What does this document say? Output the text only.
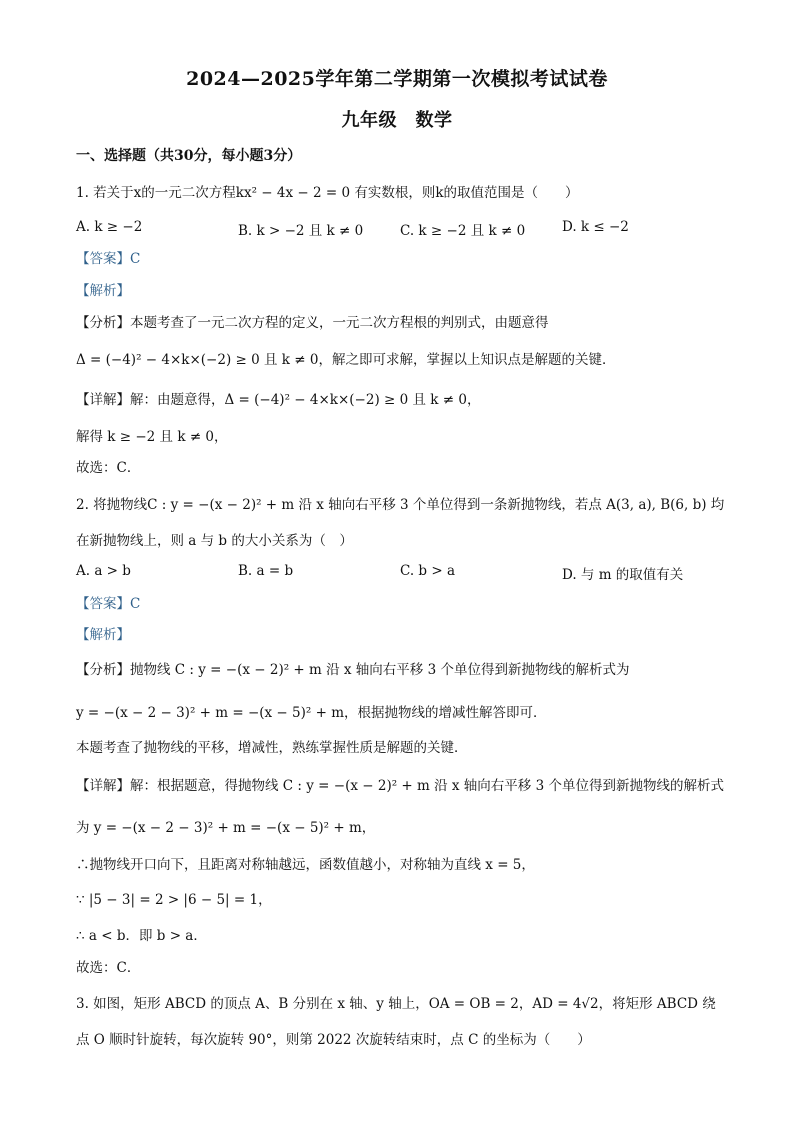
2024—2025学年第二学期第一次模拟考试试卷
九年级　数学
一、选择题（共30分，每小题3分）
1. 若关于x的一元二次方程kx² − 4x − 2 = 0 有实数根，则k的取值范围是（　　）
A. k ≥ −2	B. k > −2 且 k ≠ 0	C. k ≥ −2 且 k ≠ 0	D. k ≤ −2
【答案】C
【解析】
【分析】本题考查了一元二次方程的定义，一元二次方程根的判别式，由题意得
Δ = (−4)² − 4×k×(−2) ≥ 0 且 k ≠ 0，解之即可求解，掌握以上知识点是解题的关键．
【详解】解：由题意得，Δ = (−4)² − 4×k×(−2) ≥ 0 且 k ≠ 0，
解得 k ≥ −2 且 k ≠ 0，
故选：C．
2. 将抛物线C : y = −(x − 2)² + m 沿 x 轴向右平移 3 个单位得到一条新抛物线，若点 A(3, a), B(6, b) 均
在新抛物线上，则 a 与 b 的大小关系为（　）
A. a > b	B. a = b	C. b > a	D. 与 m 的取值有关
【答案】C
【解析】
【分析】抛物线 C : y = −(x − 2)² + m 沿 x 轴向右平移 3 个单位得到新抛物线的解析式为
y = −(x − 2 − 3)² + m = −(x − 5)² + m，根据抛物线的增减性解答即可．
本题考查了抛物线的平移，增减性，熟练掌握性质是解题的关键．
【详解】解：根据题意，得抛物线 C : y = −(x − 2)² + m 沿 x 轴向右平移 3 个单位得到新抛物线的解析式
为 y = −(x − 2 − 3)² + m = −(x − 5)² + m，
∴抛物线开口向下，且距离对称轴越远，函数值越小，对称轴为直线 x = 5，
∵ |5 − 3| = 2 > |6 − 5| = 1，
∴ a < b．即 b > a．
故选：C．
3. 如图，矩形 ABCD 的顶点 A、B 分别在 x 轴、y 轴上，OA = OB = 2，AD = 4√2，将矩形 ABCD 绕
点 O 顺时针旋转，每次旋转 90°，则第 2022 次旋转结束时，点 C 的坐标为（　　）
